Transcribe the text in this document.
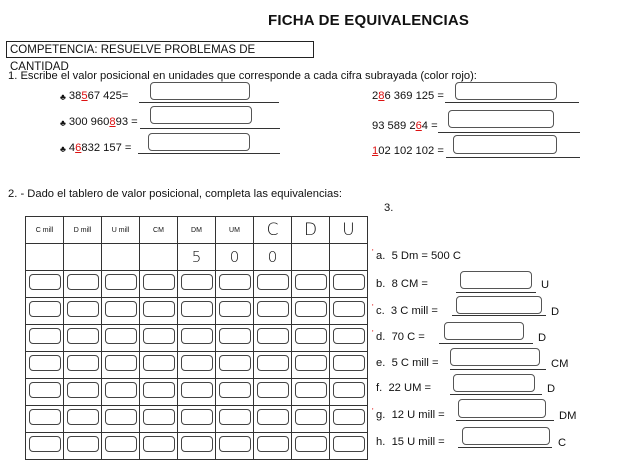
FICHA DE EQUIVALENCIAS
COMPETENCIA: RESUELVE PROBLEMAS DE CANTIDAD
1. Escribe el valor posicional en unidades que corresponde a cada cifra subrayada (color rojo):
♣ 38 5 67 425=
♣ 300 960 8 93 =
♣ 4 6 832 157 =
2 8 6 369 125 =
93 589 2 6 4 =
1 02 102 102 =
2. - Dado el tablero de valor posicional, completa las equivalencias:
3.
C mill	D mill	U mill	CM	DM	UM	C	D	U
				5	0	0		

									' a. 5 Dm = 500 C
b. 8 CM =	U
' c. 3 C mill =	D
' d. 70 C =	D
e. 5 C mill =	CM
f. 22 UM =	D
' g. 12 U mill =	DM
h. 15 U mill =	C
